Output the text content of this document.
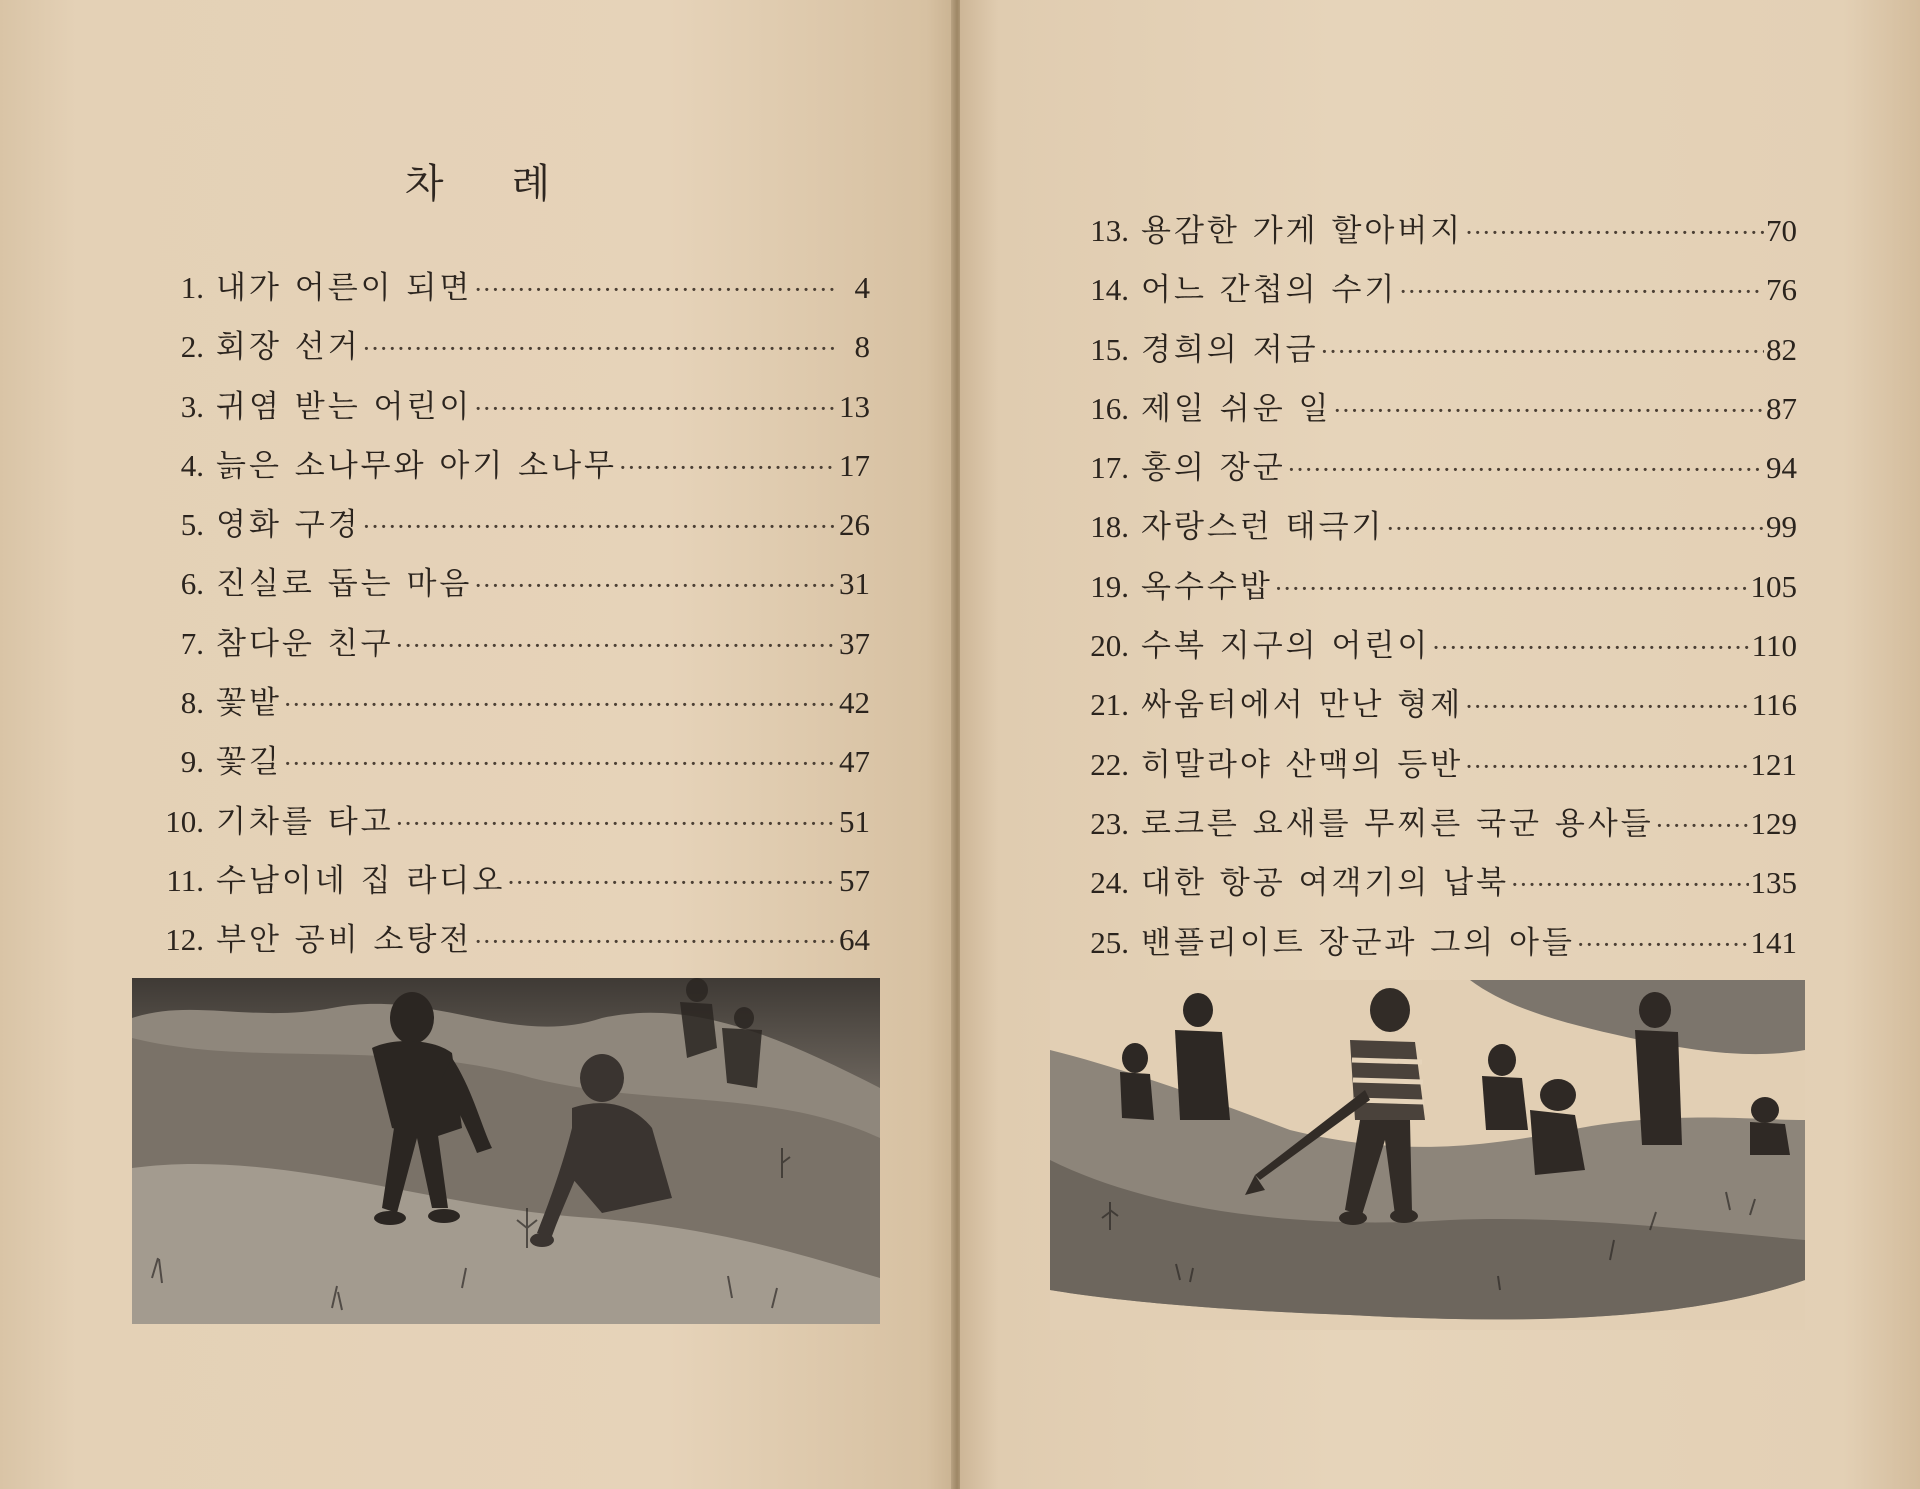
차 례
1. 내가 어른이 되면 ·····	4
2. 회장 선거 ·····	8
3. 귀염 받는 어린이 ·····	13
4. 늙은 소나무와 아기 소나무 ·····	17
5. 영화 구경 ·····	26
6. 진실로 돕는 마음 ·····	31
7. 참다운 친구 ·····	37
8. 꽃밭 ·····	42
9. 꽃길 ·····	47
10. 기차를 타고 ·····	51
11. 수남이네 집 라디오 ·····	57
12. 부안 공비 소탕전 ·····	64
13. 용감한 가게 할아버지 ·····	70
14. 어느 간첩의 수기 ·····	76
15. 경희의 저금 ·····	82
16. 제일 쉬운 일 ·····	87
17. 홍의 장군 ·····	94
18. 자랑스런 태극기 ·····	99
19. 옥수수밥 ·····	105
20. 수복 지구의 어린이 ·····	110
21. 싸움터에서 만난 형제 ·····	116
22. 히말라야 산맥의 등반 ·····	121
23. 로크른 요새를 무찌른 국군 용사들 ·····	129
24. 대한 항공 여객기의 납북 ·····	135
25. 밴플리이트 장군과 그의 아들 ·····	141
